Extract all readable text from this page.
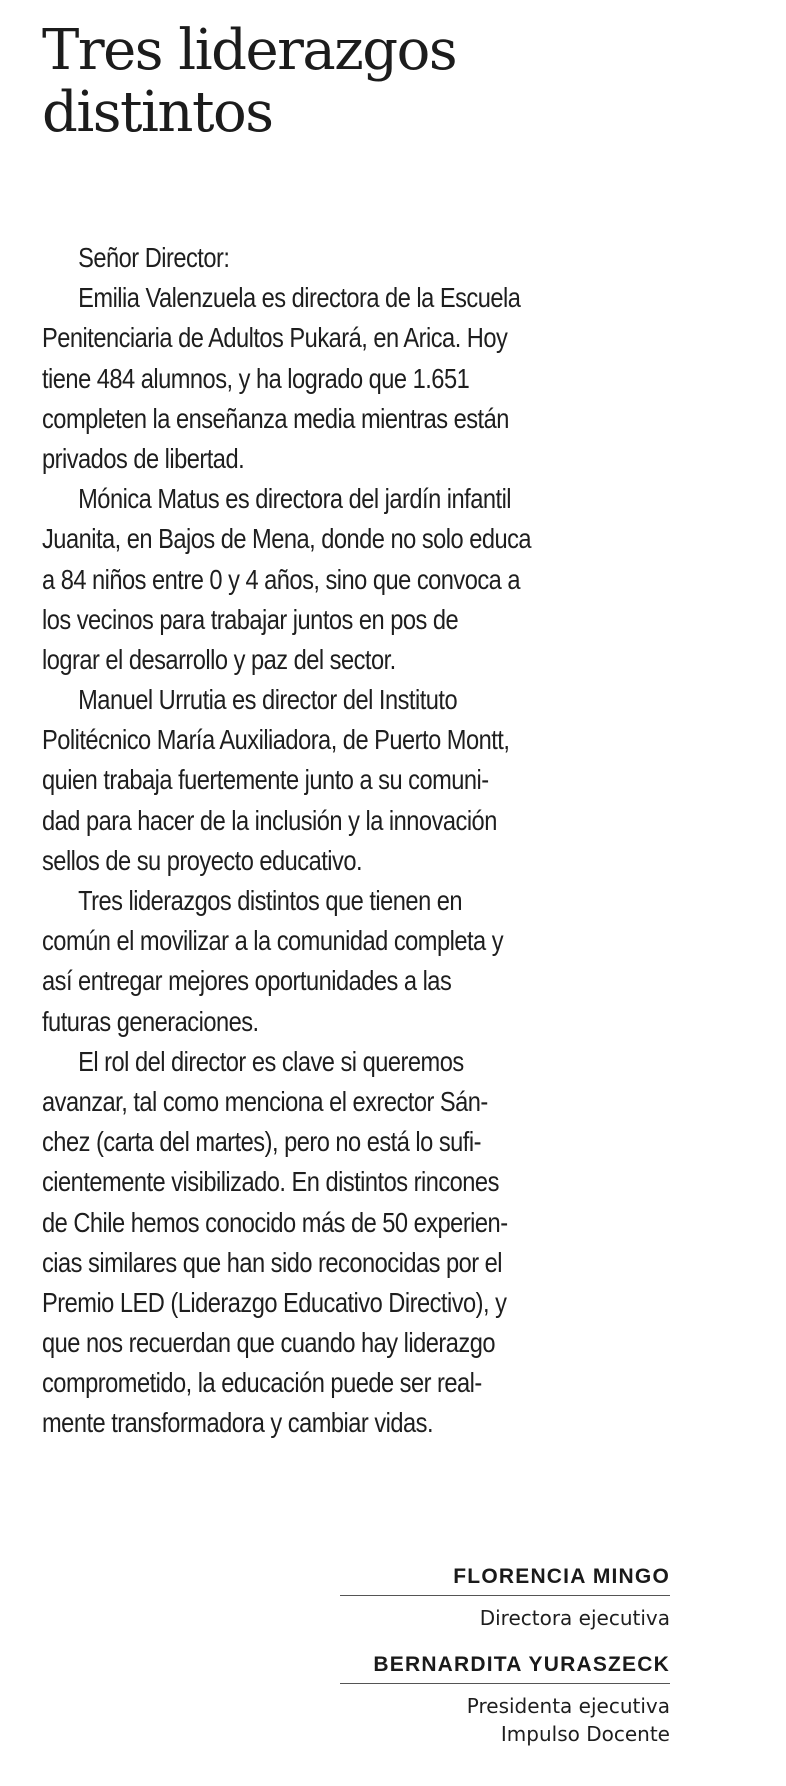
Tres liderazgos
distintos
Señor Director:
Emilia Valenzuela es directora de la Escuela
Penitenciaria de Adultos Pukará, en Arica. Hoy
tiene 484 alumnos, y ha logrado que 1.651
completen la enseñanza media mientras están
privados de libertad.
Mónica Matus es directora del jardín infantil
Juanita, en Bajos de Mena, donde no solo educa
a 84 niños entre 0 y 4 años, sino que convoca a
los vecinos para trabajar juntos en pos de
lograr el desarrollo y paz del sector.
Manuel Urrutia es director del Instituto
Politécnico María Auxiliadora, de Puerto Montt,
quien trabaja fuertemente junto a su comuni-
dad para hacer de la inclusión y la innovación
sellos de su proyecto educativo.
Tres liderazgos distintos que tienen en
común el movilizar a la comunidad completa y
así entregar mejores oportunidades a las
futuras generaciones.
El rol del director es clave si queremos
avanzar, tal como menciona el exrector Sán-
chez (carta del martes), pero no está lo sufi-
cientemente visibilizado. En distintos rincones
de Chile hemos conocido más de 50 experien-
cias similares que han sido reconocidas por el
Premio LED (Liderazgo Educativo Directivo), y
que nos recuerdan que cuando hay liderazgo
comprometido, la educación puede ser real-
mente transformadora y cambiar vidas.
FLORENCIA MINGO
Directora ejecutiva
BERNARDITA YURASZECK
Presidenta ejecutiva
Impulso Docente
